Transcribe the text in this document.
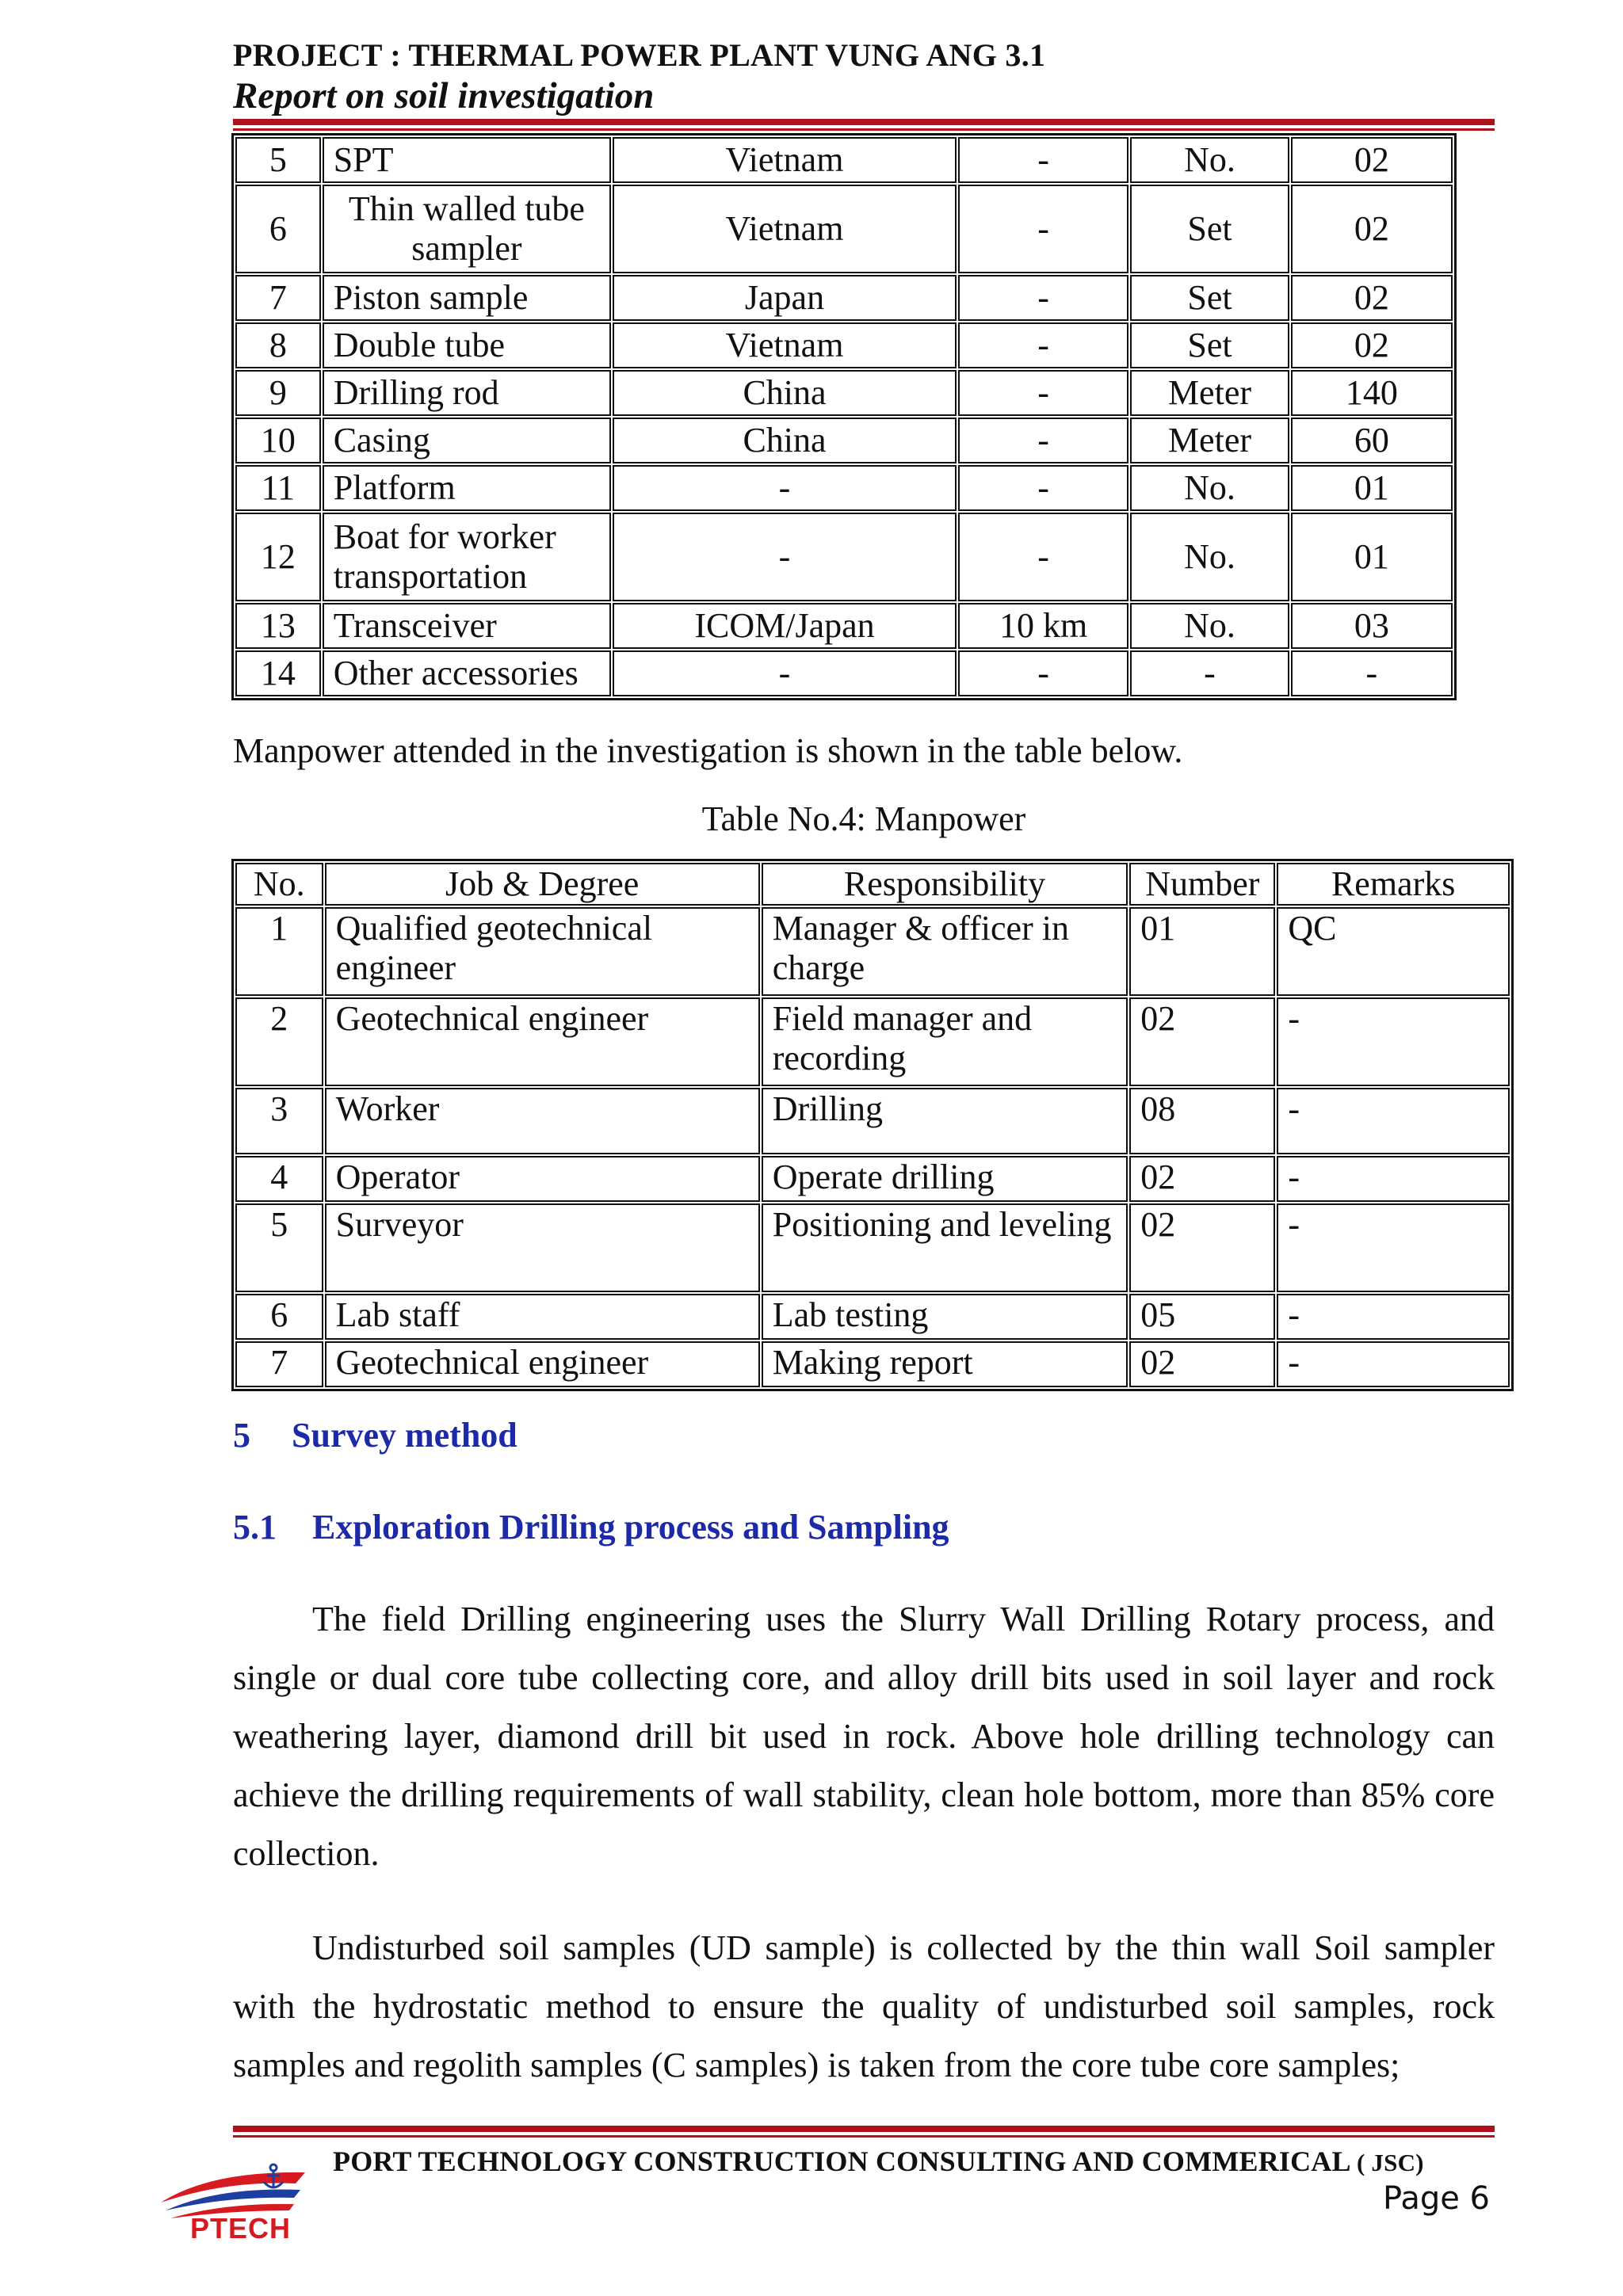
PROJECT : THERMAL POWER PLANT VUNG ANG 3.1
Report on soil investigation
5	SPT	Vietnam	-	No.	02
6	Thin walled tube sampler	Vietnam	-	Set	02
7	Piston sample	Japan	-	Set	02
8	Double tube	Vietnam	-	Set	02
9	Drilling rod	China	-	Meter	140
10	Casing	China	-	Meter	60
11	Platform	-	-	No.	01
12	Boat for worker transportation	-	-	No.	01
13	Transceiver	ICOM/Japan	10 km	No.	03
14	Other accessories	-	-	-	-
Manpower attended in the investigation is shown in the table below.
Table No.4: Manpower
No.	Job & Degree	Responsibility	Number	Remarks
1	Qualified geotechnical engineer	Manager & officer in charge	01	QC
2	Geotechnical engineer	Field manager and recording	02	-
3	Worker	Drilling	08	-
4	Operator	Operate drilling	02	-
5	Surveyor	Positioning and leveling	02	-
6	Lab staff	Lab testing	05	-
7	Geotechnical engineer	Making report	02	-
5 Survey method
5.1 Exploration Drilling process and Sampling

The field Drilling engineering uses the Slurry Wall Drilling Rotary process, and single or dual core tube collecting core, and alloy drill bits used in soil layer and rock weathering layer, diamond drill bit used in rock. Above hole drilling technology can achieve the drilling requirements of wall stability, clean hole bottom, more than 85% core collection.

Undisturbed soil samples (UD sample) is collected by the thin wall Soil sampler with the hydrostatic method to ensure the quality of undisturbed soil samples, rock samples and regolith samples (C samples) is taken from the core tube core samples;

PTECH
PORT TECHNOLOGY CONSTRUCTION CONSULTING AND COMMERICAL ( JSC)
Page 6
